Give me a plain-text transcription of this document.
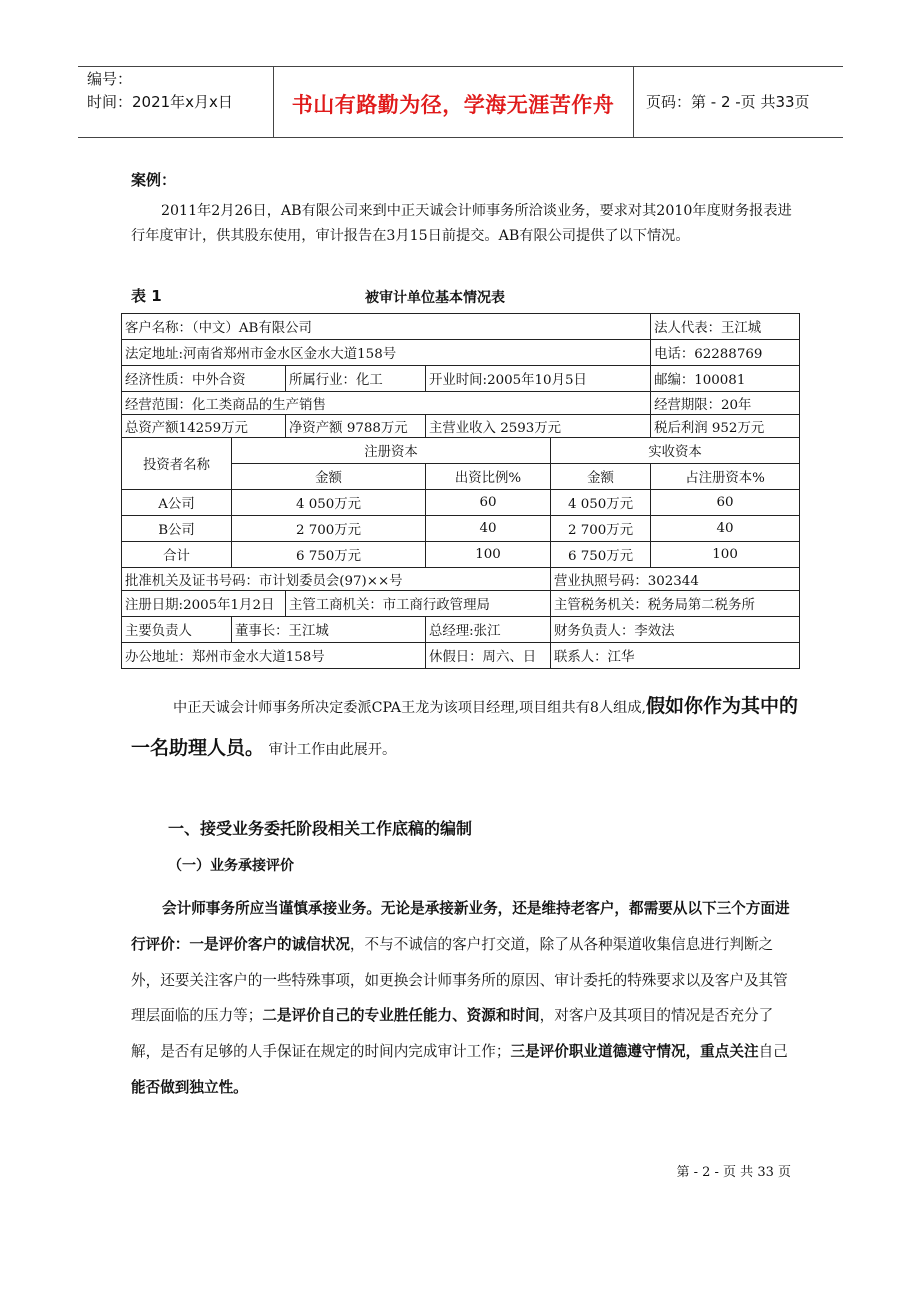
编号：
时间：2021年x月x日	书山有路勤为径，学海无涯苦作舟	页码：第 - 2 -页 共33页
案例：
2011年2月26日，AB有限公司来到中正天诚会计师事务所洽谈业务，要求对其2010年度财务报表进行年度审计，供其股东使用，审计报告在3月15日前提交。AB有限公司提供了以下情况。
表 1	被审计单位基本情况表
客户名称：（中文）AB有限公司					法人代表：王江城
法定地址:河南省郑州市金水区金水大道158号					电话：62288769
经济性质：中外合资		所属行业：化工	开业时间:2005年10月5日		邮编：100081
经营范围：化工类商品的生产销售					经营期限：20年
总资产额14259万元		净资产额 9788万元	主营业收入 2593万元		税后利润 952万元
投资者名称	注册资本			实收资本	
	金额		出资比例%	金额	占注册资本%
A公司	4 050万元		60	4 050万元	60
B公司	2 700万元		40	2 700万元	40
合计	6 750万元		100	6 750万元	100
批准机关及证书号码：市计划委员会(97)××号				营业执照号码：302344	
注册日期:2005年1月2日		主管工商机关：市工商行政管理局		主管税务机关：税务局第二税务所	
主要负责人	董事长：王江城		总经理:张江	财务负责人：李效法	
办公地址：郑州市金水大道158号			休假日：周六、日	联系人：江华	
中正天诚会计师事务所决定委派CPA王龙为该项目经理,项目组共有8人组成,假如你作为其中的一名助理人员。 审计工作由此展开。
一、接受业务委托阶段相关工作底稿的编制
（一）业务承接评价
会计师事务所应当谨慎承接业务。无论是承接新业务，还是维持老客户，都需要从以下三个方面进行评价：一是评价客户的诚信状况，不与不诚信的客户打交道，除了从各种渠道收集信息进行判断之外，还要关注客户的一些特殊事项，如更换会计师事务所的原因、审计委托的特殊要求以及客户及其管理层面临的压力等；二是评价自己的专业胜任能力、资源和时间，对客户及其项目的情况是否充分了解，是否有足够的人手保证在规定的时间内完成审计工作；三是评价职业道德遵守情况，重点关注自己能否做到独立性。
第 - 2 - 页 共 33 页
